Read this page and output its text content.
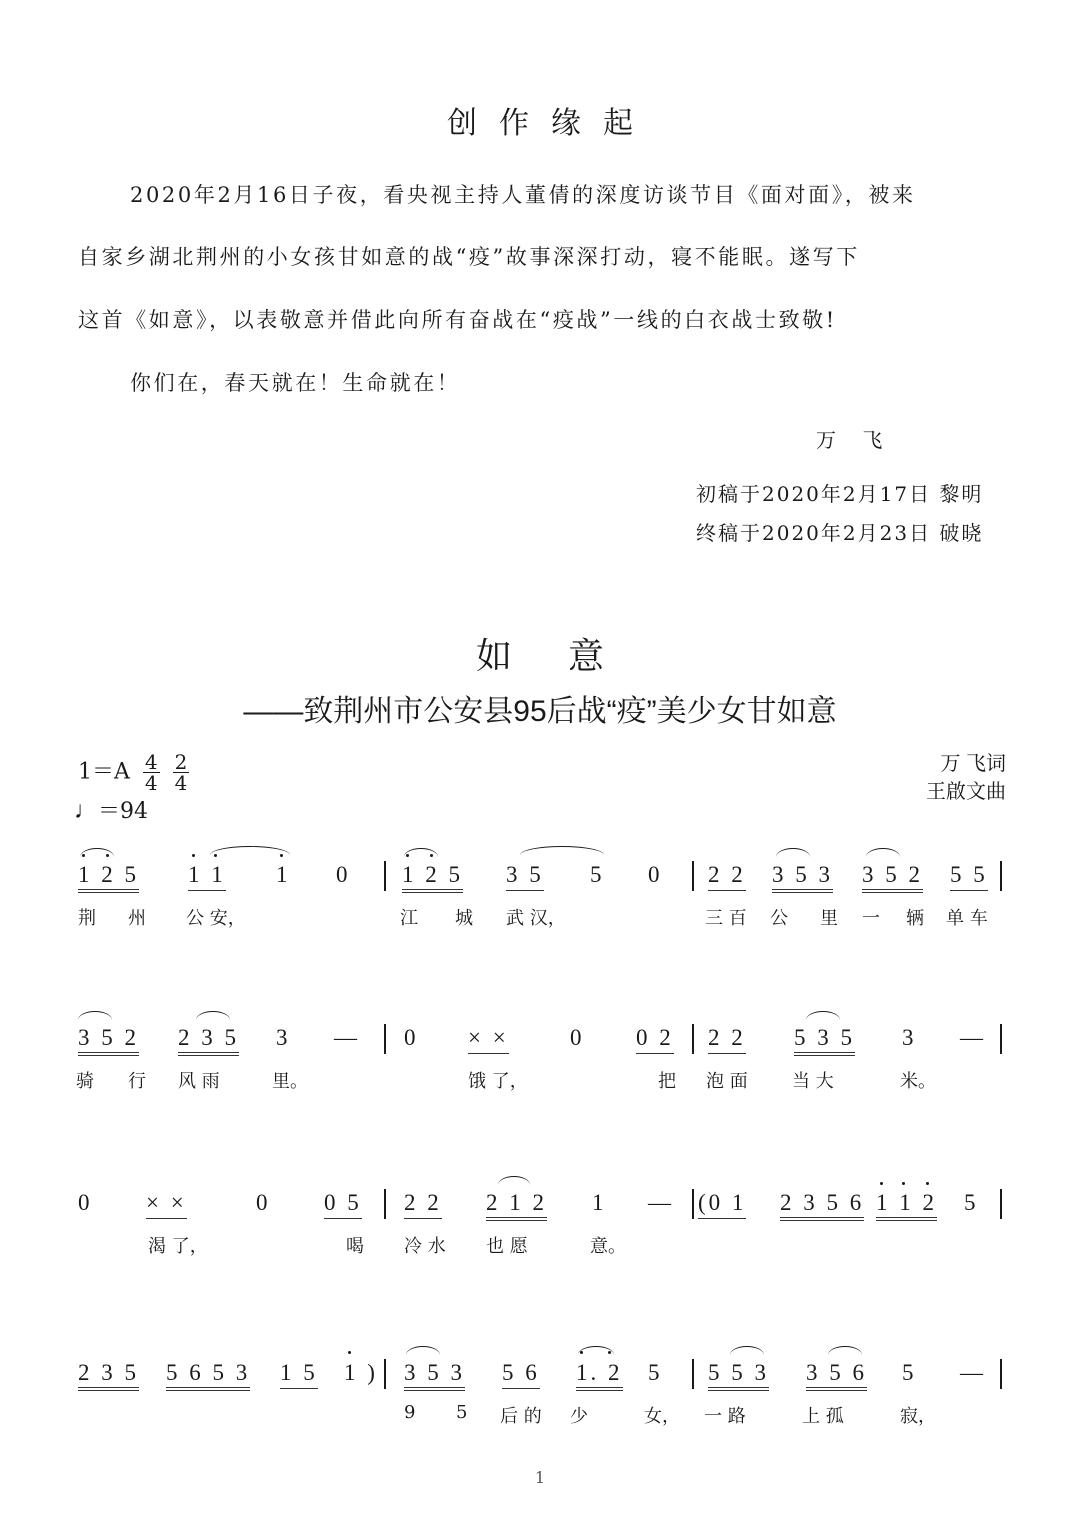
创作缘起
2020年2月16日子夜，看央视主持人董倩的深度访谈节目《面对面》，被来
自家乡湖北荆州的小女孩甘如意的战“疫”故事深深打动，寝不能眠。遂写下
这首《如意》，以表敬意并借此向所有奋战在“疫战”一线的白衣战士致敬!
你们在，春天就在！生命就在！
万 飞
初稿于2020年2月17日 黎明
终稿于2020年2月23日 破晓
如 意
——致荆州市公安县95后战“疫”美少女甘如意
$1=A \frac{4}{4}$
$\frac{2}{4}$
♩＝94
万 飞词
王啟文曲
1 2 5 1 1 1 0 1 2 5 3 5 5 0 2 2 3 5 3 3 5 2 5 5
荆 州 公 安，	江 城 武 汉，	三 百 公 里 一 辆 单 车
3 5 2 2 3 5 3 — 0 × ×	0 0 2 2 2 5 3 5 3 —
骑 行 风 雨	里。	饿 了，	把 泡 面 当 大	米。
0 × ×	0 0 5 2 2 2 1 2 1 — (0 1 2 3 5 6 1 1 2 5
渴 了，	喝 冷 水 也 愿	意。
2 3 5 5 6 5 3 1 5 1 ) 3 5 3 5 6 1. 2 5 5 5 3 3 5 6 5 —
9 5 后 的 少	女， 一 路	上 孤	寂，
1
